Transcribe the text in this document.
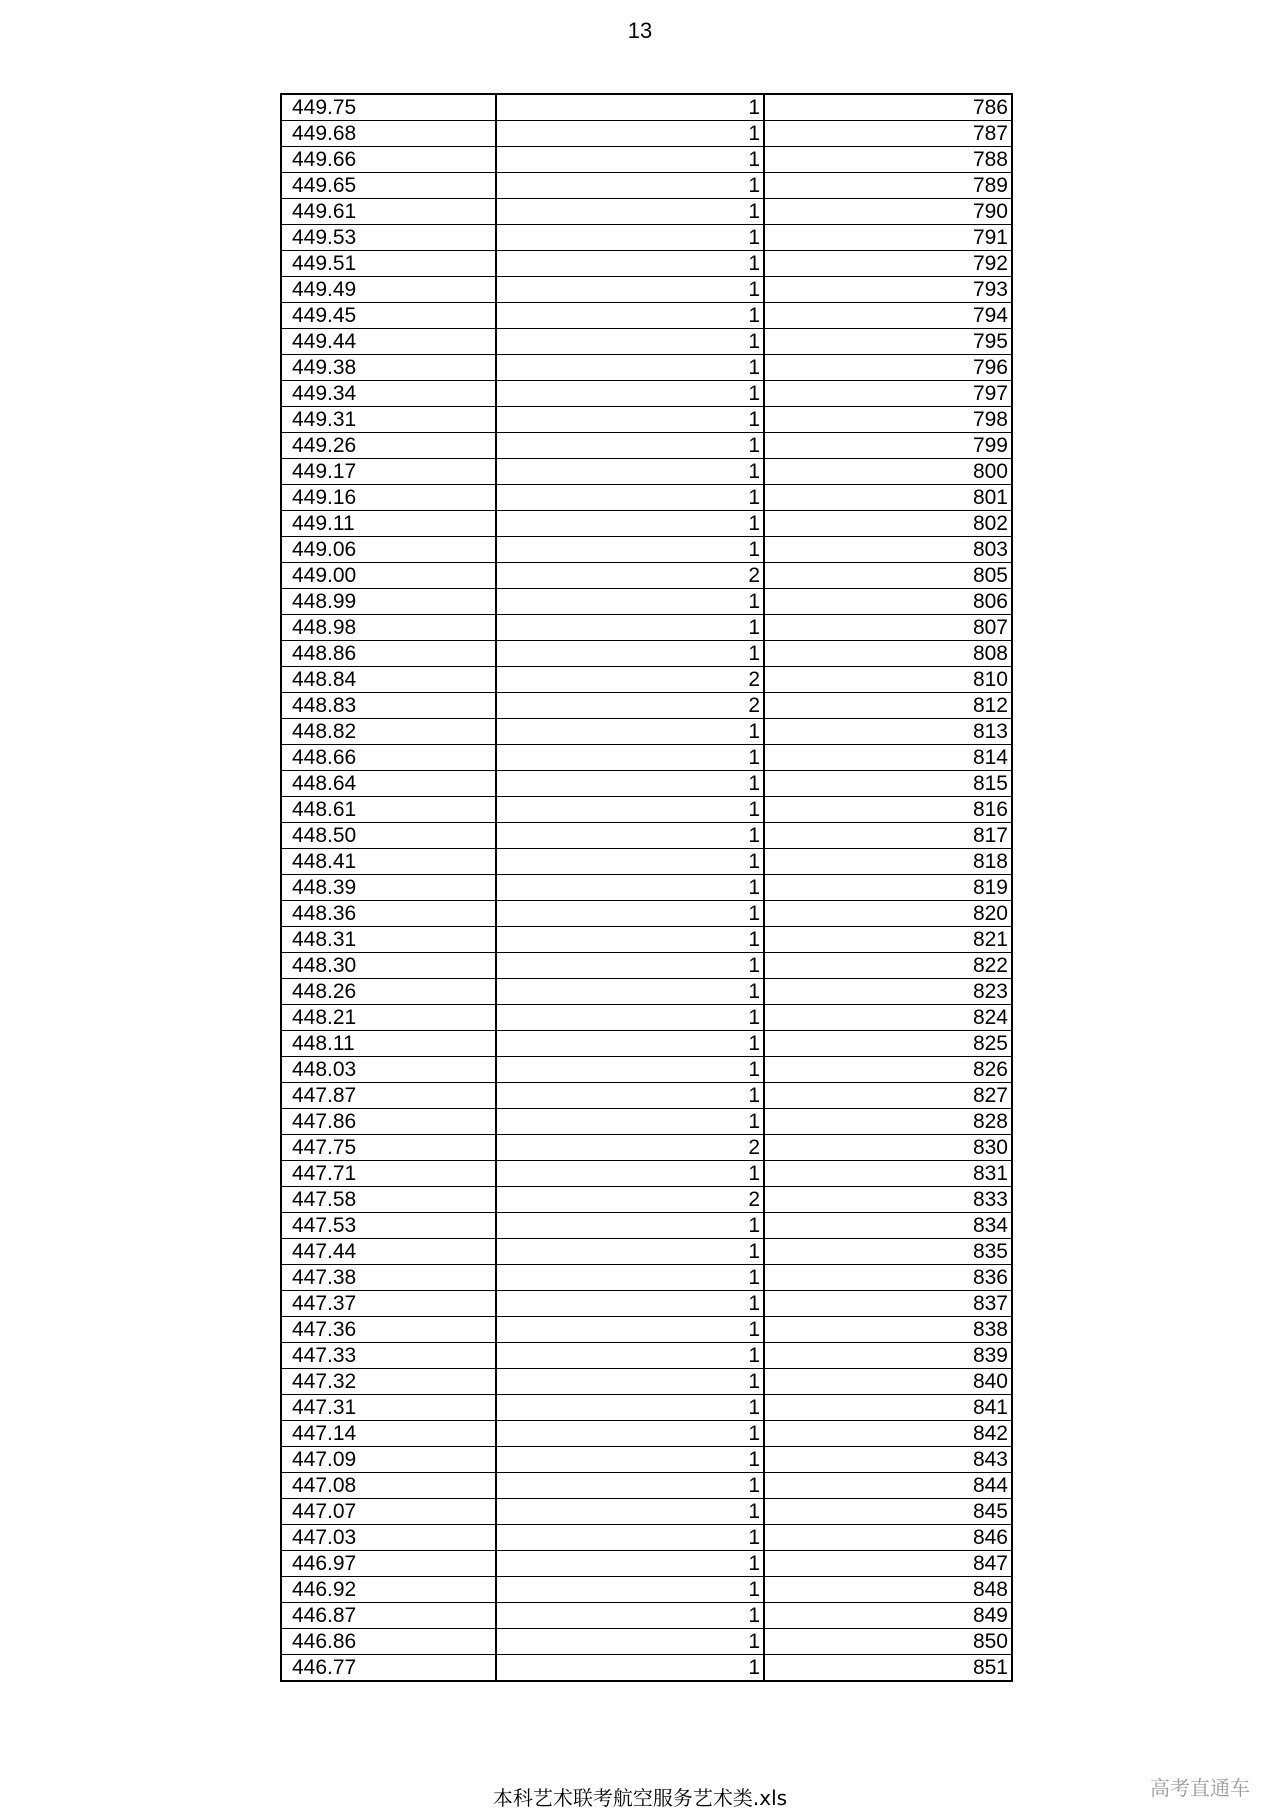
13
449.75	1	786
449.68	1	787
449.66	1	788
449.65	1	789
449.61	1	790
449.53	1	791
449.51	1	792
449.49	1	793
449.45	1	794
449.44	1	795
449.38	1	796
449.34	1	797
449.31	1	798
449.26	1	799
449.17	1	800
449.16	1	801
449.11	1	802
449.06	1	803
449.00	2	805
448.99	1	806
448.98	1	807
448.86	1	808
448.84	2	810
448.83	2	812
448.82	1	813
448.66	1	814
448.64	1	815
448.61	1	816
448.50	1	817
448.41	1	818
448.39	1	819
448.36	1	820
448.31	1	821
448.30	1	822
448.26	1	823
448.21	1	824
448.11	1	825
448.03	1	826
447.87	1	827
447.86	1	828
447.75	2	830
447.71	1	831
447.58	2	833
447.53	1	834
447.44	1	835
447.38	1	836
447.37	1	837
447.36	1	838
447.33	1	839
447.32	1	840
447.31	1	841
447.14	1	842
447.09	1	843
447.08	1	844
447.07	1	845
447.03	1	846
446.97	1	847
446.92	1	848
446.87	1	849
446.86	1	850
446.77	1	851
本科艺术联考航空服务艺术类.xls	高考直通车
